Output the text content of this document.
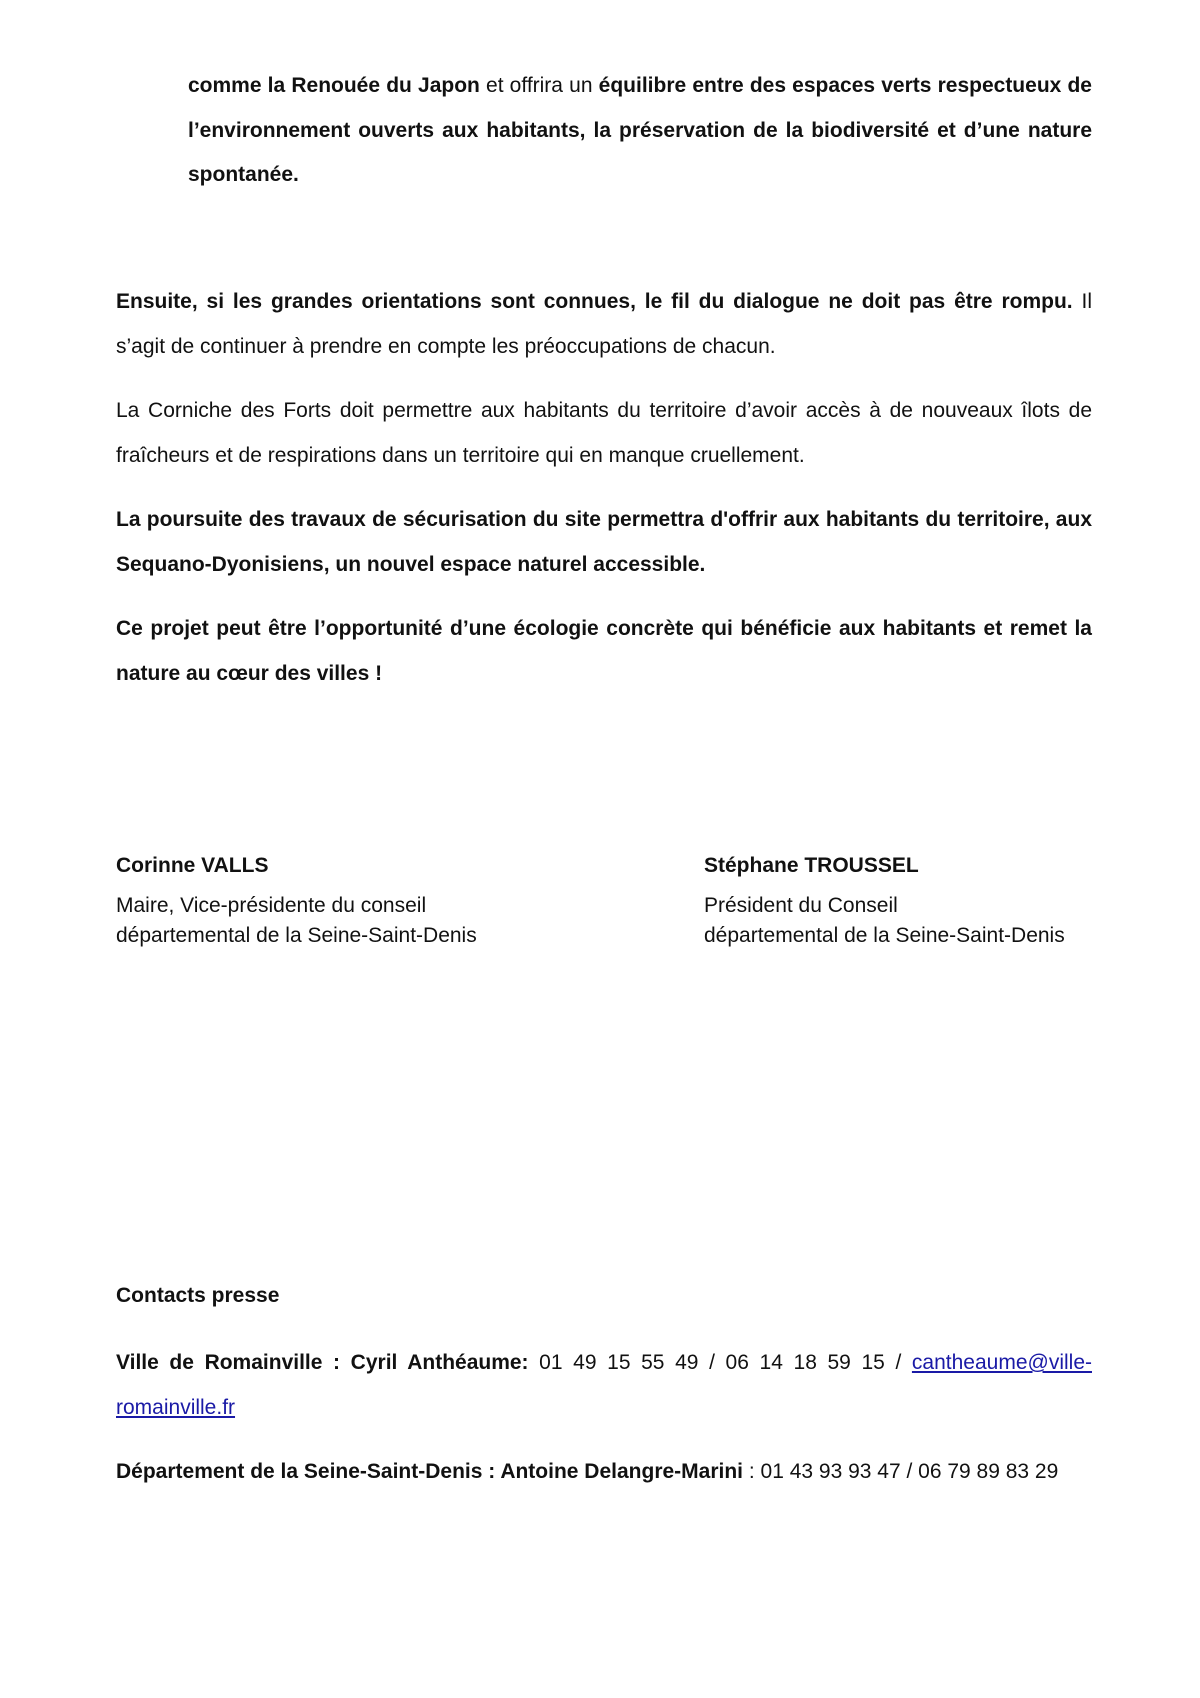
comme la Renouée du Japon et offrira un équilibre entre des espaces verts respectueux de l’environnement ouverts aux habitants, la préservation de la biodiversité et d’une nature spontanée.

Ensuite, si les grandes orientations sont connues, le fil du dialogue ne doit pas être rompu. Il s’agit de continuer à prendre en compte les préoccupations de chacun.

La Corniche des Forts doit permettre aux habitants du territoire d’avoir accès à de nouveaux îlots de fraîcheurs et de respirations dans un territoire qui en manque cruellement.

La poursuite des travaux de sécurisation du site permettra d'offrir aux habitants du territoire, aux Sequano-Dyonisiens, un nouvel espace naturel accessible.

Ce projet peut être l’opportunité d’une écologie concrète qui bénéficie aux habitants et remet la nature au cœur des villes !

Corinne VALLS
Maire, Vice-présidente du conseil
départemental de la Seine-Saint-Denis
Stéphane TROUSSEL
Président du Conseil
départemental de la Seine-Saint-Denis

Contacts presse

Ville de Romainville : Cyril Anthéaume: 01 49 15 55 49 / 06 14 18 59 15 / cantheaume@ville-romainville.fr

Département de la Seine-Saint-Denis : Antoine Delangre-Marini : 01 43 93 93 47 / 06 79 89 83 29
